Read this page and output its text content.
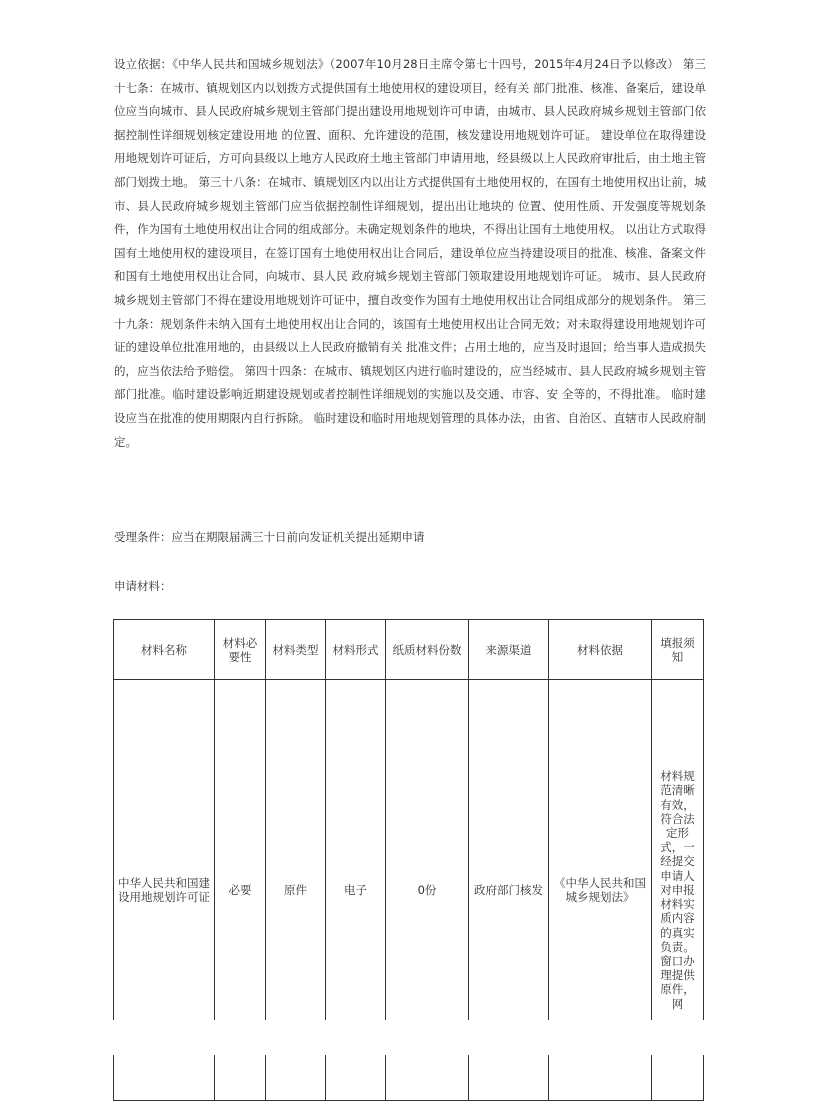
设立依据：《中华人民共和国城乡规划法》（2007年10月28日主席令第七十四号，2015年4月24日予以修改） 第三十七条：在城市、镇规划区内以划拨方式提供国有土地使用权的建设项目，经有关 部门批准、核准、备案后，建设单位应当向城市、县人民政府城乡规划主管部门提出建设用地规划许可申请，由城市、县人民政府城乡规划主管部门依据控制性详细规划核定建设用地 的位置、面积、允许建设的范围，核发建设用地规划许可证。 建设单位在取得建设用地规划许可证后，方可向县级以上地方人民政府土地主管部门申请用地，经县级以上人民政府审批后，由土地主管部门划拨土地。 第三十八条：在城市、镇规划区内以出让方式提供国有土地使用权的，在国有土地使用权出让前，城市、县人民政府城乡规划主管部门应当依据控制性详细规划，提出出让地块的 位置、使用性质、开发强度等规划条件，作为国有土地使用权出让合同的组成部分。未确定规划条件的地块，不得出让国有土地使用权。 以出让方式取得国有土地使用权的建设项目，在签订国有土地使用权出让合同后，建设单位应当持建设项目的批准、核准、备案文件和国有土地使用权出让合同，向城市、县人民 政府城乡规划主管部门领取建设用地规划许可证。 城市、县人民政府城乡规划主管部门不得在建设用地规划许可证中，擅自改变作为国有土地使用权出让合同组成部分的规划条件。 第三十九条：规划条件未纳入国有土地使用权出让合同的，该国有土地使用权出让合同无效；对未取得建设用地规划许可证的建设单位批准用地的，由县级以上人民政府撤销有关 批准文件；占用土地的，应当及时退回；给当事人造成损失的，应当依法给予赔偿。 第四十四条：在城市、镇规划区内进行临时建设的，应当经城市、县人民政府城乡规划主管部门批准。临时建设影响近期建设规划或者控制性详细规划的实施以及交通、市容、安 全等的，不得批准。 临时建设应当在批准的使用期限内自行拆除。 临时建设和临时用地规划管理的具体办法，由省、自治区、直辖市人民政府制定。

受理条件：应当在期限届满三十日前向发证机关提出延期申请

申请材料：

材料名称	材料必要性	材料类型	材料形式	纸质材料份数	来源渠道	材料依据	填报须知
中华人民共和国建设用地规划许可证	必要	原件	电子	0份	政府部门核发	《中华人民共和国城乡规划法》	材料规范清晰有效，符合法定形式，一经提交申请人对申报材料实质内容的真实负责。窗口办理提供原件，网
